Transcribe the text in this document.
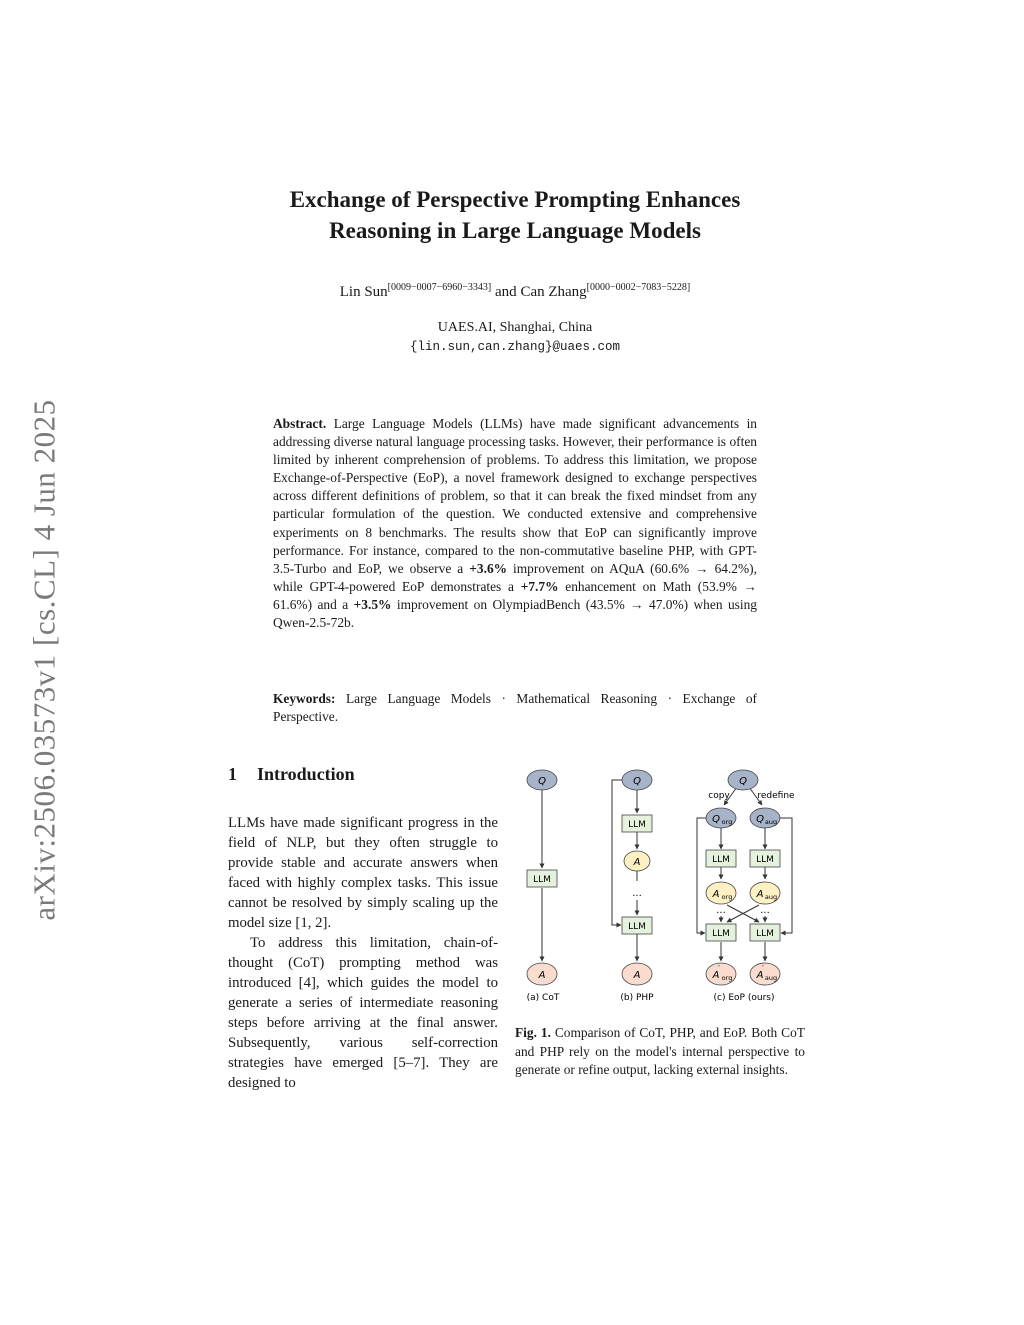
arXiv:2506.03573v1 [cs.CL] 4 Jun 2025
Exchange of Perspective Prompting Enhances
Reasoning in Large Language Models
Lin Sun[0009−0007−6960−3343] and Can Zhang[0000−0002−7083−5228]
UAES.AI, Shanghai, China
{lin.sun,can.zhang}@uaes.com
Abstract. Large Language Models (LLMs) have made significant advancements in addressing diverse natural language processing tasks. However, their performance is often limited by inherent comprehension of problems. To address this limitation, we propose Exchange-of-Perspective (EoP), a novel framework designed to exchange perspectives across different definitions of problem, so that it can break the fixed mindset from any particular formulation of the question. We conducted extensive and comprehensive experiments on 8 benchmarks. The results show that EoP can significantly improve performance. For instance, compared to the non-commutative baseline PHP, with GPT-3.5-Turbo and EoP, we observe a +3.6% improvement on AQuA (60.6% → 64.2%), while GPT-4-powered EoP demonstrates a +7.7% enhancement on Math (53.9% → 61.6%) and a +3.5% improvement on OlympiadBench (43.5% → 47.0%) when using Qwen-2.5-72b.
Keywords: Large Language Models · Mathematical Reasoning · Exchange of Perspective.
1 Introduction

LLMs have made significant progress in the field of NLP, but they often struggle to provide stable and accurate answers when faced with highly complex tasks. This issue cannot be resolved by simply scaling up the model size [1, 2].

To address this limitation, chain-of-thought (CoT) prompting method was introduced [4], which guides the model to generate a series of intermediate reasoning steps before arriving at the final answer. Subsequently, various self-correction strategies have emerged [5–7]. They are designed to

Q
LLM
A
(a) CoT
...
Q
LLM
A
LLM
A
(b) PHP
copy	redefine
...	...
Q
Q org Q aug
LLM	LLM
A org A aug
LLM	LLM
A
′
org A
′
aug
(c) EoP (ours)
Fig. 1. Comparison of CoT, PHP, and EoP. Both CoT and PHP rely on the model's internal perspective to generate or refine output, lacking external insights.
